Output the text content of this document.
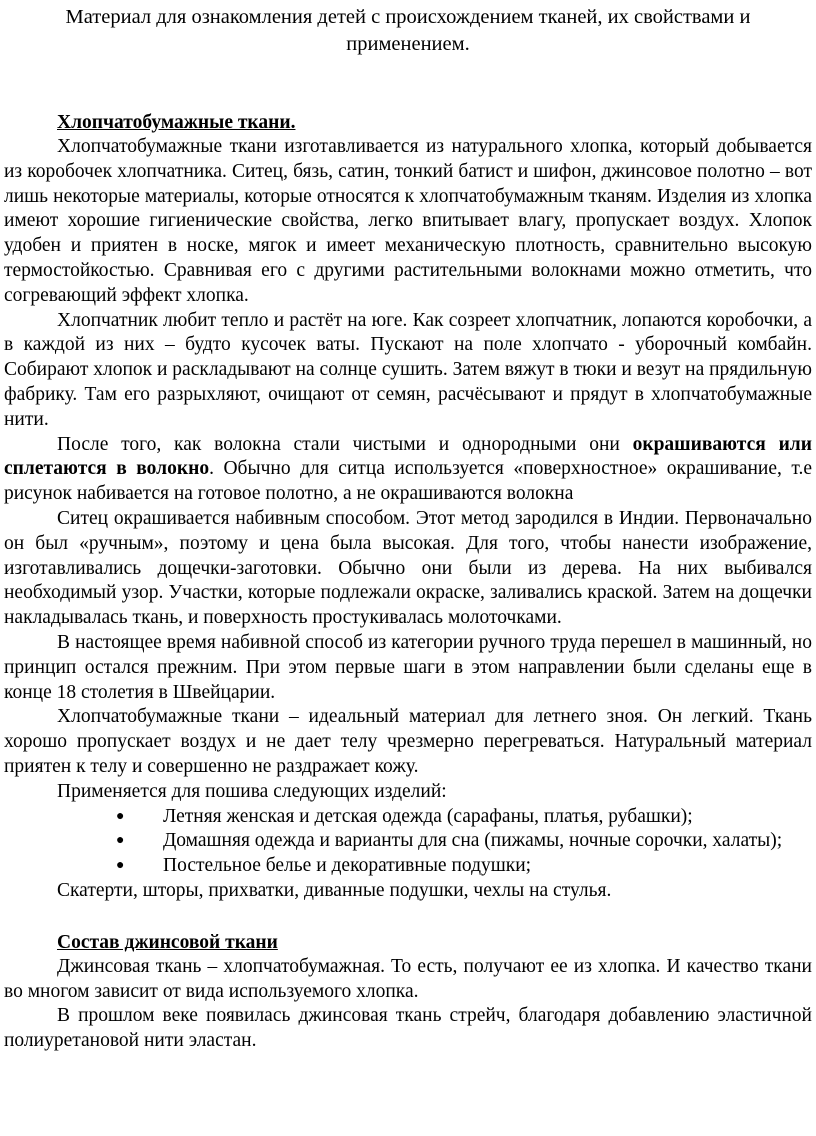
Материал для ознакомления детей с происхождением тканей, их свойствами и применением.
Хлопчатобумажные ткани.

Хлопчатобумажные ткани изготавливается из натурального хлопка, который добывается из коробочек хлопчатника. Ситец, бязь, сатин, тонкий батист и шифон, джинсовое полотно – вот лишь некоторые материалы, которые относятся к хлопчатобумажным тканям. Изделия из хлопка имеют хорошие гигиенические свойства, легко впитывает влагу, пропускает воздух. Хлопок удобен и приятен в носке, мягок и имеет механическую плотность, сравнительно высокую термостойкостью. Сравнивая его с другими растительными волокнами можно отметить, что согревающий эффект хлопка.

Хлопчатник любит тепло и растёт на юге. Как созреет хлопчатник, лопаются коробочки, а в каждой из них – будто кусочек ваты. Пускают на поле хлопчато - уборочный комбайн. Собирают хлопок и раскладывают на солнце сушить. Затем вяжут в тюки и везут на прядильную фабрику. Там его разрыхляют, очищают от семян, расчёсывают и прядут в хлопчатобумажные нити.

После того, как волокна стали чистыми и однородными они окрашиваются или сплетаются в волокно. Обычно для ситца используется «поверхностное» окрашивание, т.е рисунок набивается на готовое полотно, а не окрашиваются волокна

Ситец окрашивается набивным способом. Этот метод зародился в Индии. Первоначально он был «ручным», поэтому и цена была высокая. Для того, чтобы нанести изображение, изготавливались дощечки-заготовки. Обычно они были из дерева. На них выбивался необходимый узор. Участки, которые подлежали окраске, заливались краской. Затем на дощечки накладывалась ткань, и поверхность простукивалась молоточками.

В настоящее время набивной способ из категории ручного труда перешел в машинный, но принцип остался прежним. При этом первые шаги в этом направлении были сделаны еще в конце 18 столетия в Швейцарии.

Хлопчатобумажные ткани – идеальный материал для летнего зноя. Он легкий. Ткань хорошо пропускает воздух и не дает телу чрезмерно перегреваться. Натуральный материал приятен к телу и совершенно не раздражает кожу.

Применяется для пошива следующих изделий:

● Летняя женская и детская одежда (сарафаны, платья, рубашки);
● Домашняя одежда и варианты для сна (пижамы, ночные сорочки, халаты);
● Постельное белье и декоративные подушки;

Скатерти, шторы, прихватки, диванные подушки, чехлы на стулья.

Состав джинсовой ткани

Джинсовая ткань – хлопчатобумажная. То есть, получают ее из хлопка. И качество ткани во многом зависит от вида используемого хлопка.

В прошлом веке появилась джинсовая ткань стрейч, благодаря добавлению эластичной полиуретановой нити эластан.
